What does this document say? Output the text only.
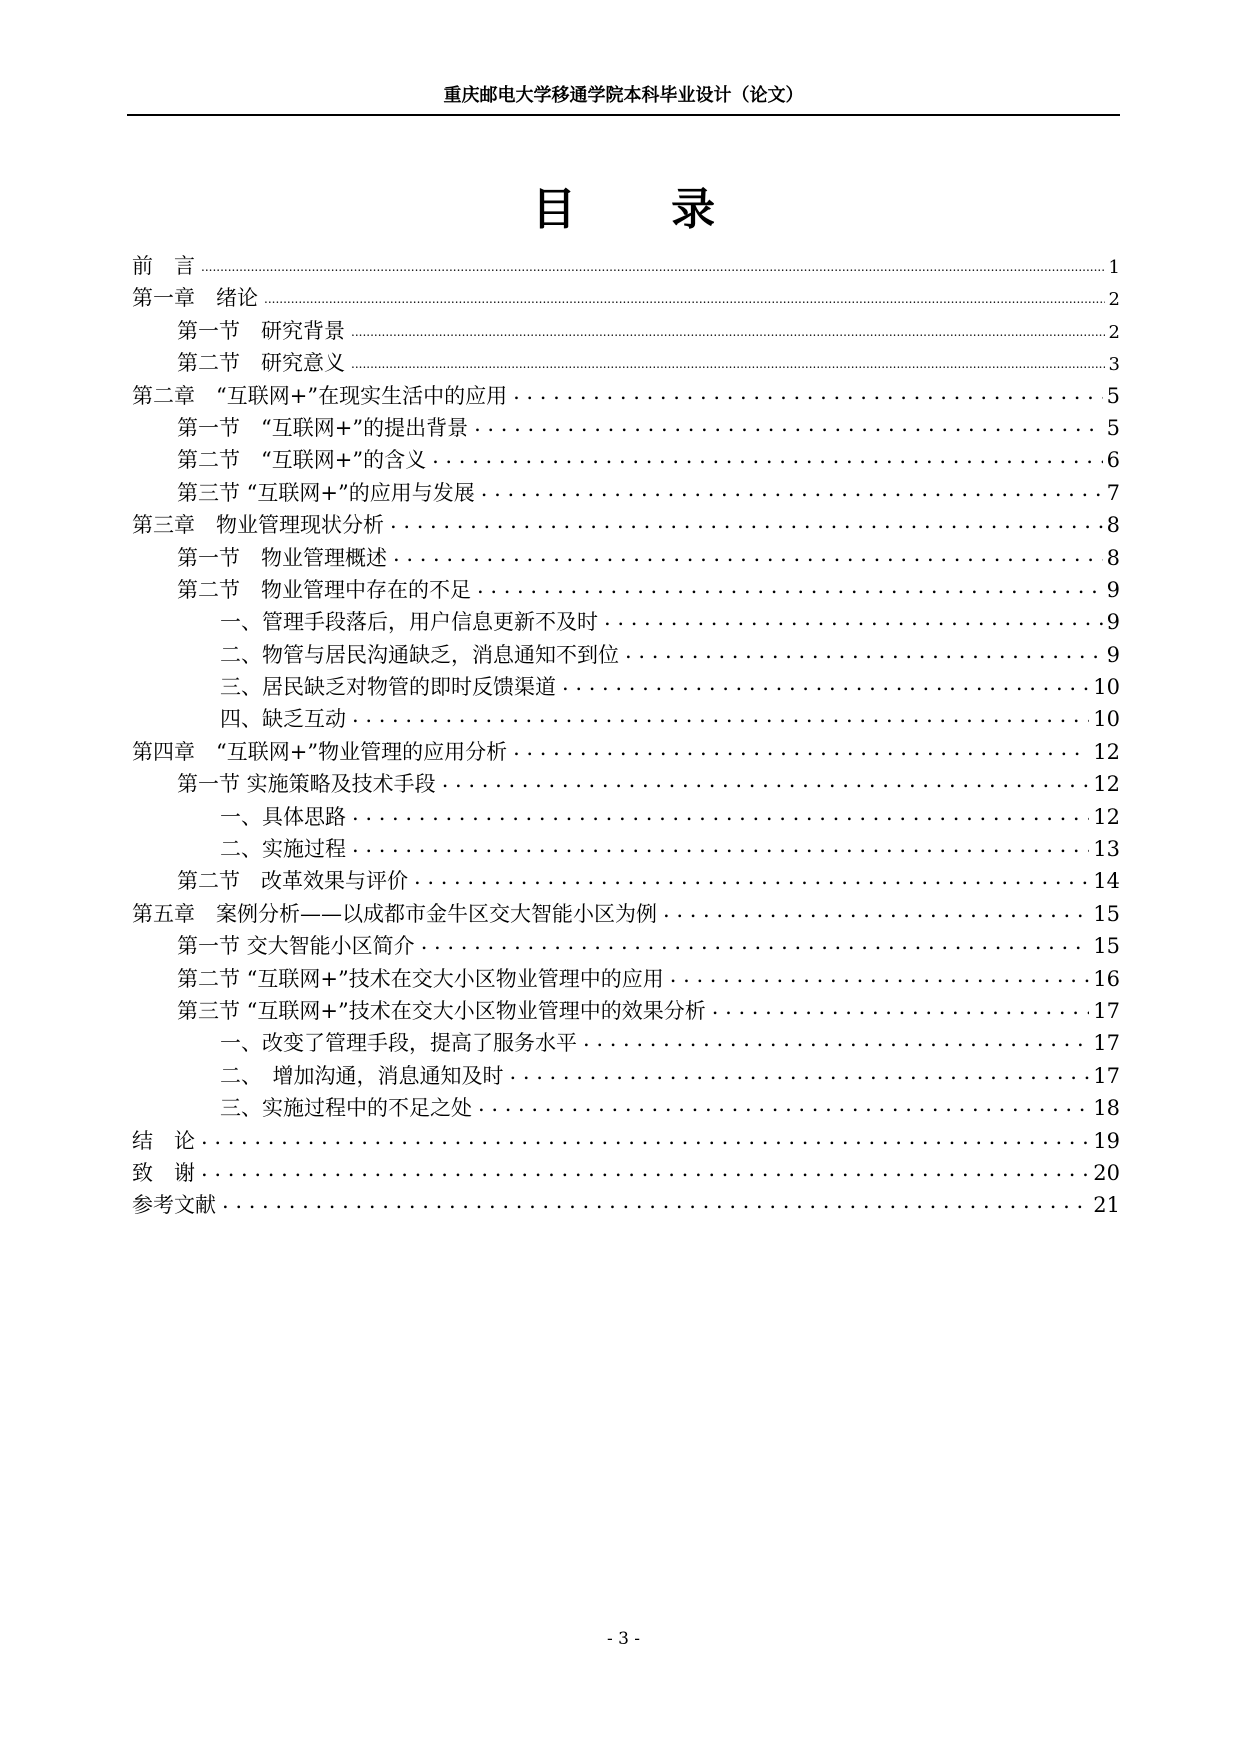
重庆邮电大学移通学院本科毕业设计（论文）
目 录
前　言 .....	1
第一章　绪论 .....	2
第一节　研究背景 .....	2
第二节　研究意义 .....	3
第二章　“互联网+”在现实生活中的应用 . . .	5
第一节　“互联网+”的提出背景 . . .	5
第二节　“互联网+”的含义 . . .	6
第三节 “互联网+”的应用与发展 . . .	7
第三章　物业管理现状分析 . . .	8
第一节　物业管理概述 . . .	8
第二节　物业管理中存在的不足 . . .	9
一、管理手段落后，用户信息更新不及时 . . .	9
二、物管与居民沟通缺乏，消息通知不到位 . . .	9
三、居民缺乏对物管的即时反馈渠道 . . .	10
四、缺乏互动 . . .	10
第四章　“互联网+”物业管理的应用分析 . . .	12
第一节 实施策略及技术手段 . . .	12
一、具体思路 . . .	12
二、实施过程 . . .	13
第二节　改革效果与评价 . . .	14
第五章　案例分析——以成都市金牛区交大智能小区为例 . . .	15
第一节 交大智能小区简介 . . .	15
第二节 “互联网+”技术在交大小区物业管理中的应用 . . .	16
第三节 “互联网+”技术在交大小区物业管理中的效果分析 . . .	17
一、改变了管理手段，提高了服务水平 . . .	17
二、　增加沟通，消息通知及时 . . .	17
三、实施过程中的不足之处 . . .	18
结　论 . . .	19
致　谢 . . .	20
参考文献 . . .	21
- 3 -
